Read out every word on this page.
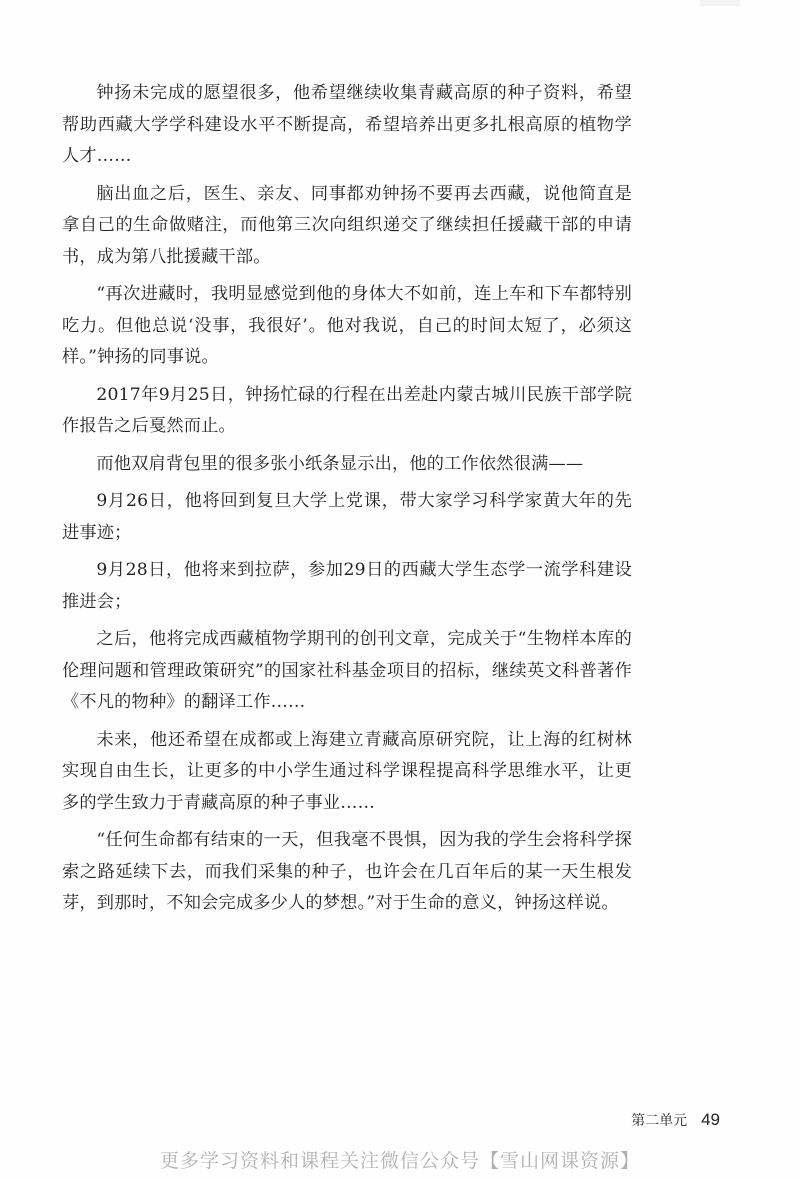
钟扬未完成的愿望很多，他希望继续收集青藏高原的种子资料，希望帮助西藏大学学科建设水平不断提高，希望培养出更多扎根高原的植物学人才……

脑出血之后，医生、亲友、同事都劝钟扬不要再去西藏，说他简直是拿自己的生命做赌注，而他第三次向组织递交了继续担任援藏干部的申请书，成为第八批援藏干部。

“再次进藏时，我明显感觉到他的身体大不如前，连上车和下车都特别吃力。但他总说‘没事，我很好’。他对我说，自己的时间太短了，必须这样。”钟扬的同事说。

2017年9月25日，钟扬忙碌的行程在出差赴内蒙古城川民族干部学院作报告之后戛然而止。

而他双肩背包里的很多张小纸条显示出，他的工作依然很满——

9月26日，他将回到复旦大学上党课，带大家学习科学家黄大年的先进事迹；

9月28日，他将来到拉萨，参加29日的西藏大学生态学一流学科建设推进会；

之后，他将完成西藏植物学期刊的创刊文章，完成关于“生物样本库的伦理问题和管理政策研究”的国家社科基金项目的招标，继续英文科普著作《不凡的物种》的翻译工作……

未来，他还希望在成都或上海建立青藏高原研究院，让上海的红树林实现自由生长，让更多的中小学生通过科学课程提高科学思维水平，让更多的学生致力于青藏高原的种子事业……

“任何生命都有结束的一天，但我毫不畏惧，因为我的学生会将科学探索之路延续下去，而我们采集的种子，也许会在几百年后的某一天生根发芽，到那时，不知会完成多少人的梦想。”对于生命的意义，钟扬这样说。

第二单元 49
更多学习资料和课程关注微信公众号【雪山网课资源】
